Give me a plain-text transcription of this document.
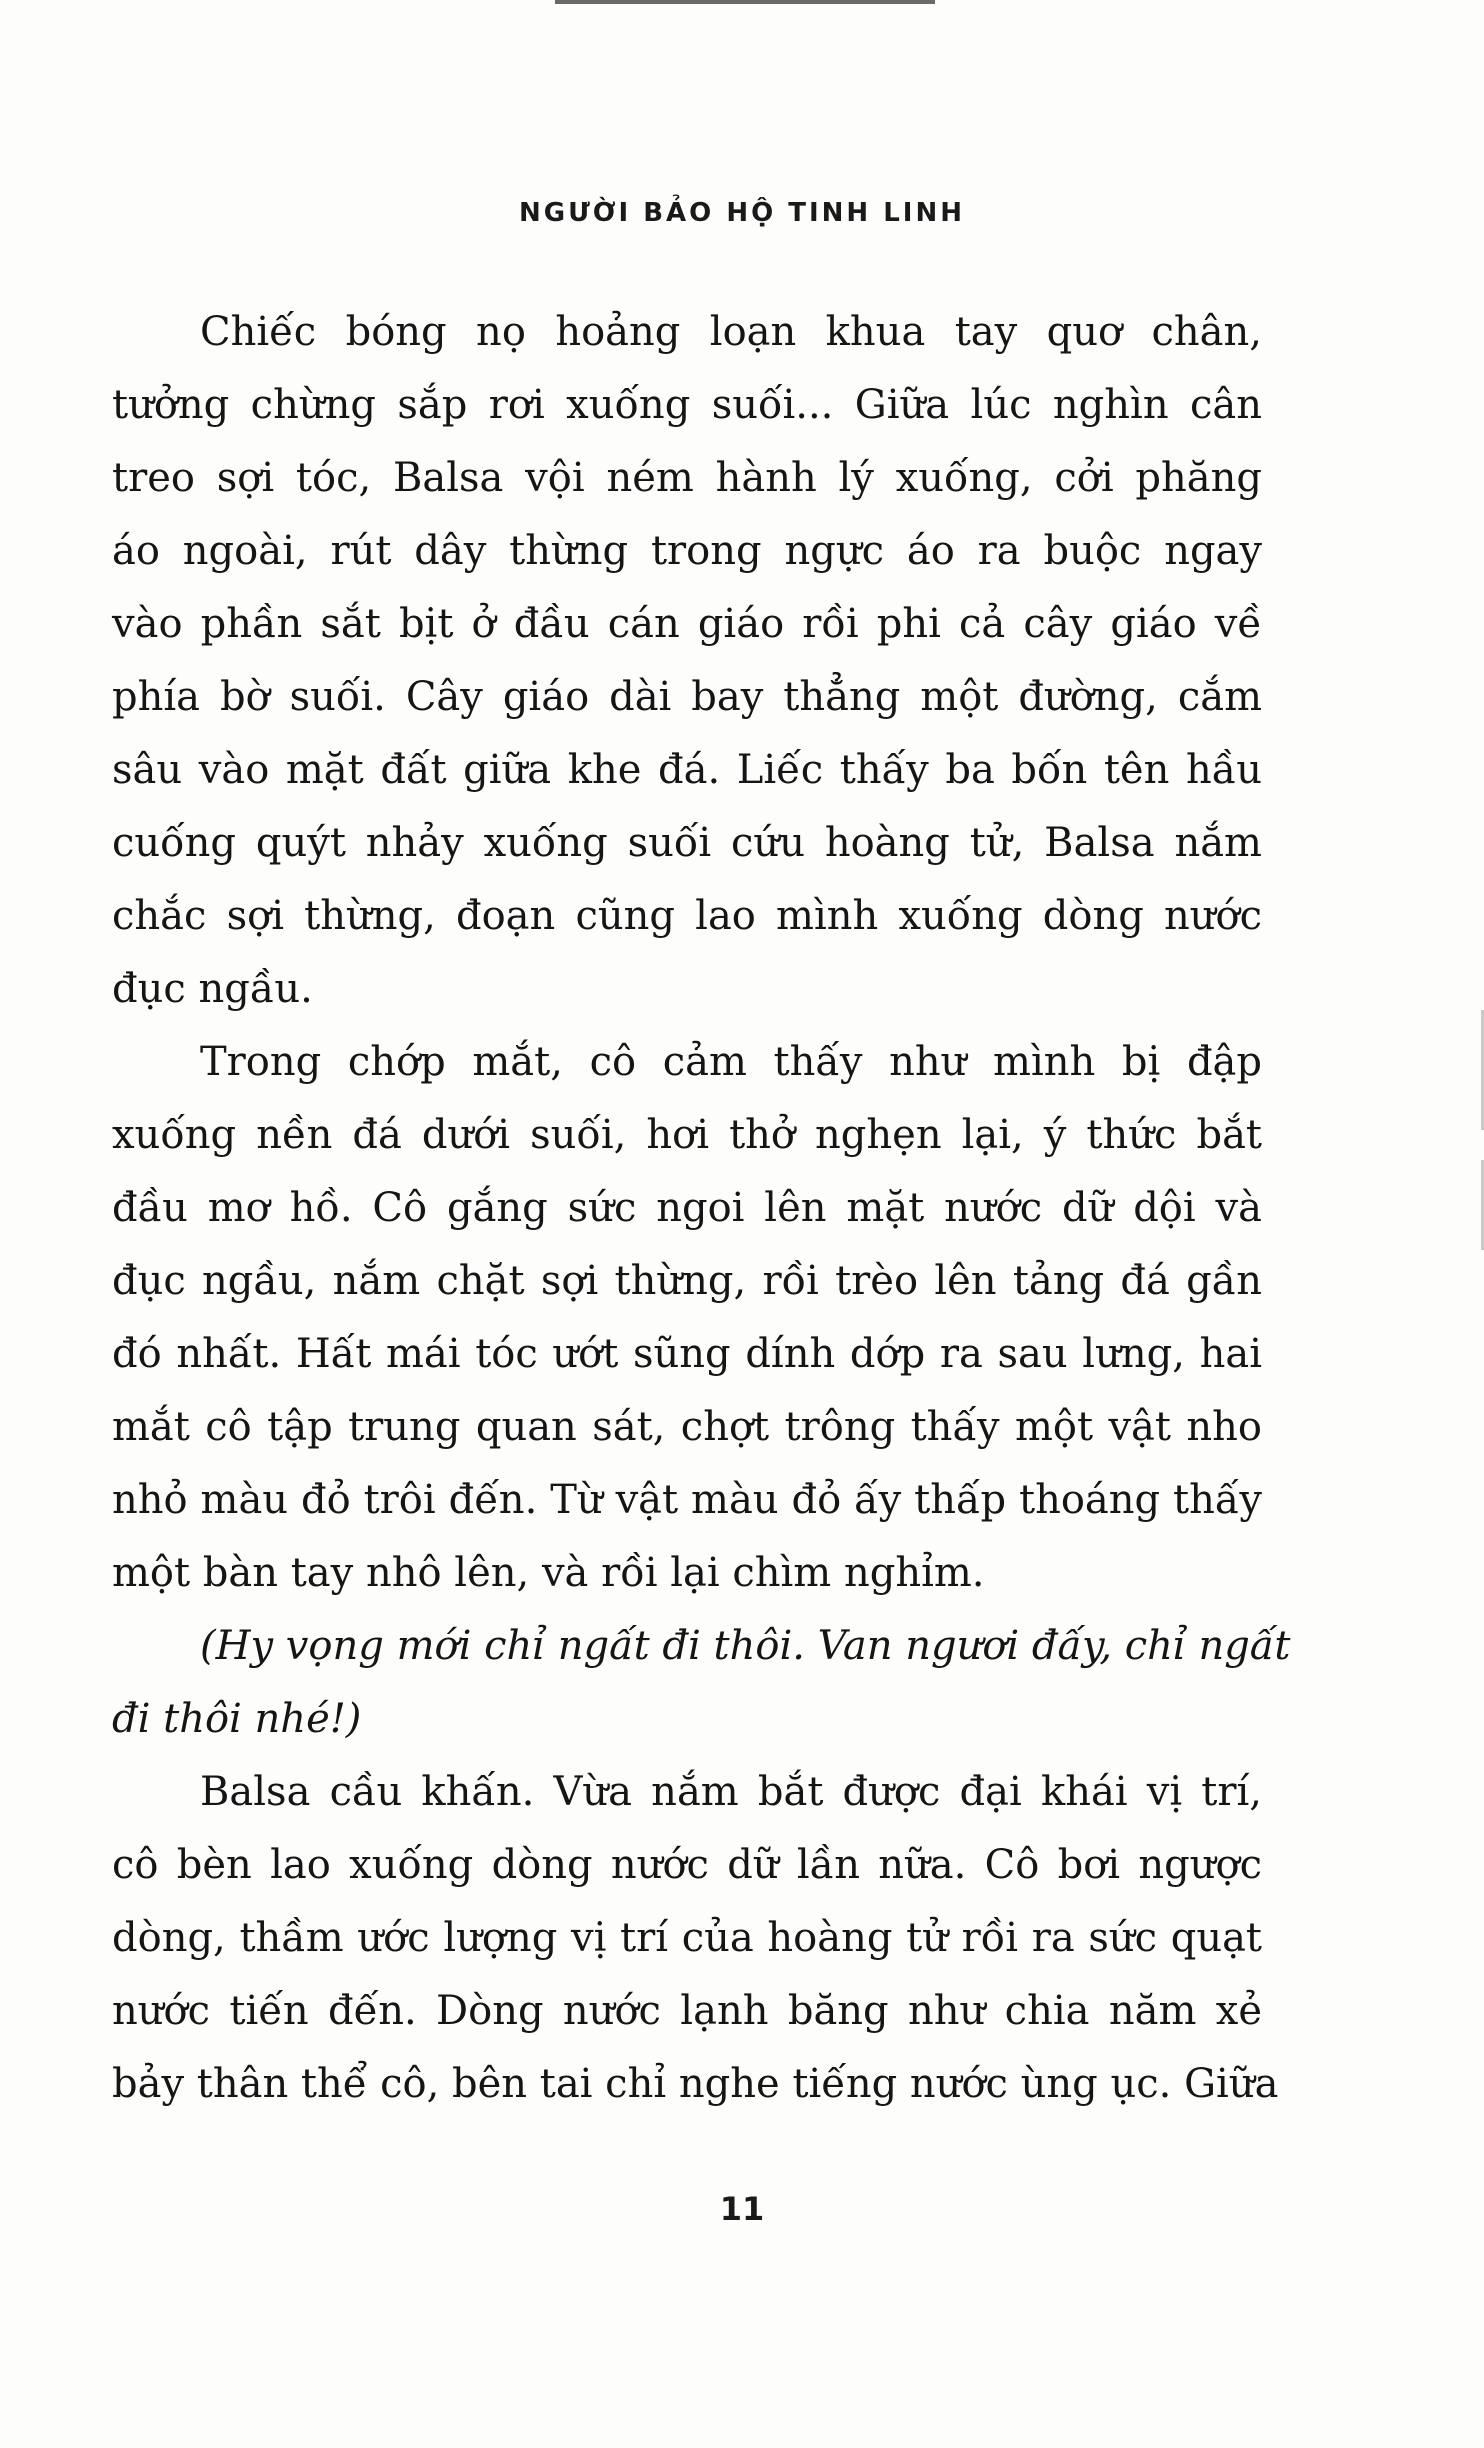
NGƯỜI BẢO HỘ TINH LINH
Chiếc bóng nọ hoảng loạn khua tay quơ chân,
tưởng chừng sắp rơi xuống suối... Giữa lúc nghìn cân
treo sợi tóc, Balsa vội ném hành lý xuống, cởi phăng
áo ngoài, rút dây thừng trong ngực áo ra buộc ngay
vào phần sắt bịt ở đầu cán giáo rồi phi cả cây giáo về
phía bờ suối. Cây giáo dài bay thẳng một đường, cắm
sâu vào mặt đất giữa khe đá. Liếc thấy ba bốn tên hầu
cuống quýt nhảy xuống suối cứu hoàng tử, Balsa nắm
chắc sợi thừng, đoạn cũng lao mình xuống dòng nước
đục ngầu.
Trong chớp mắt, cô cảm thấy như mình bị đập
xuống nền đá dưới suối, hơi thở nghẹn lại, ý thức bắt
đầu mơ hồ. Cô gắng sức ngoi lên mặt nước dữ dội và
đục ngầu, nắm chặt sợi thừng, rồi trèo lên tảng đá gần
đó nhất. Hất mái tóc ướt sũng dính dớp ra sau lưng, hai
mắt cô tập trung quan sát, chợt trông thấy một vật nho
nhỏ màu đỏ trôi đến. Từ vật màu đỏ ấy thấp thoáng thấy
một bàn tay nhô lên, và rồi lại chìm nghỉm.
(Hy vọng mới chỉ ngất đi thôi. Van ngươi đấy, chỉ ngất
đi thôi nhé!)
Balsa cầu khấn. Vừa nắm bắt được đại khái vị trí,
cô bèn lao xuống dòng nước dữ lần nữa. Cô bơi ngược
dòng, thầm ước lượng vị trí của hoàng tử rồi ra sức quạt
nước tiến đến. Dòng nước lạnh băng như chia năm xẻ
bảy thân thể cô, bên tai chỉ nghe tiếng nước ùng ục. Giữa
11
